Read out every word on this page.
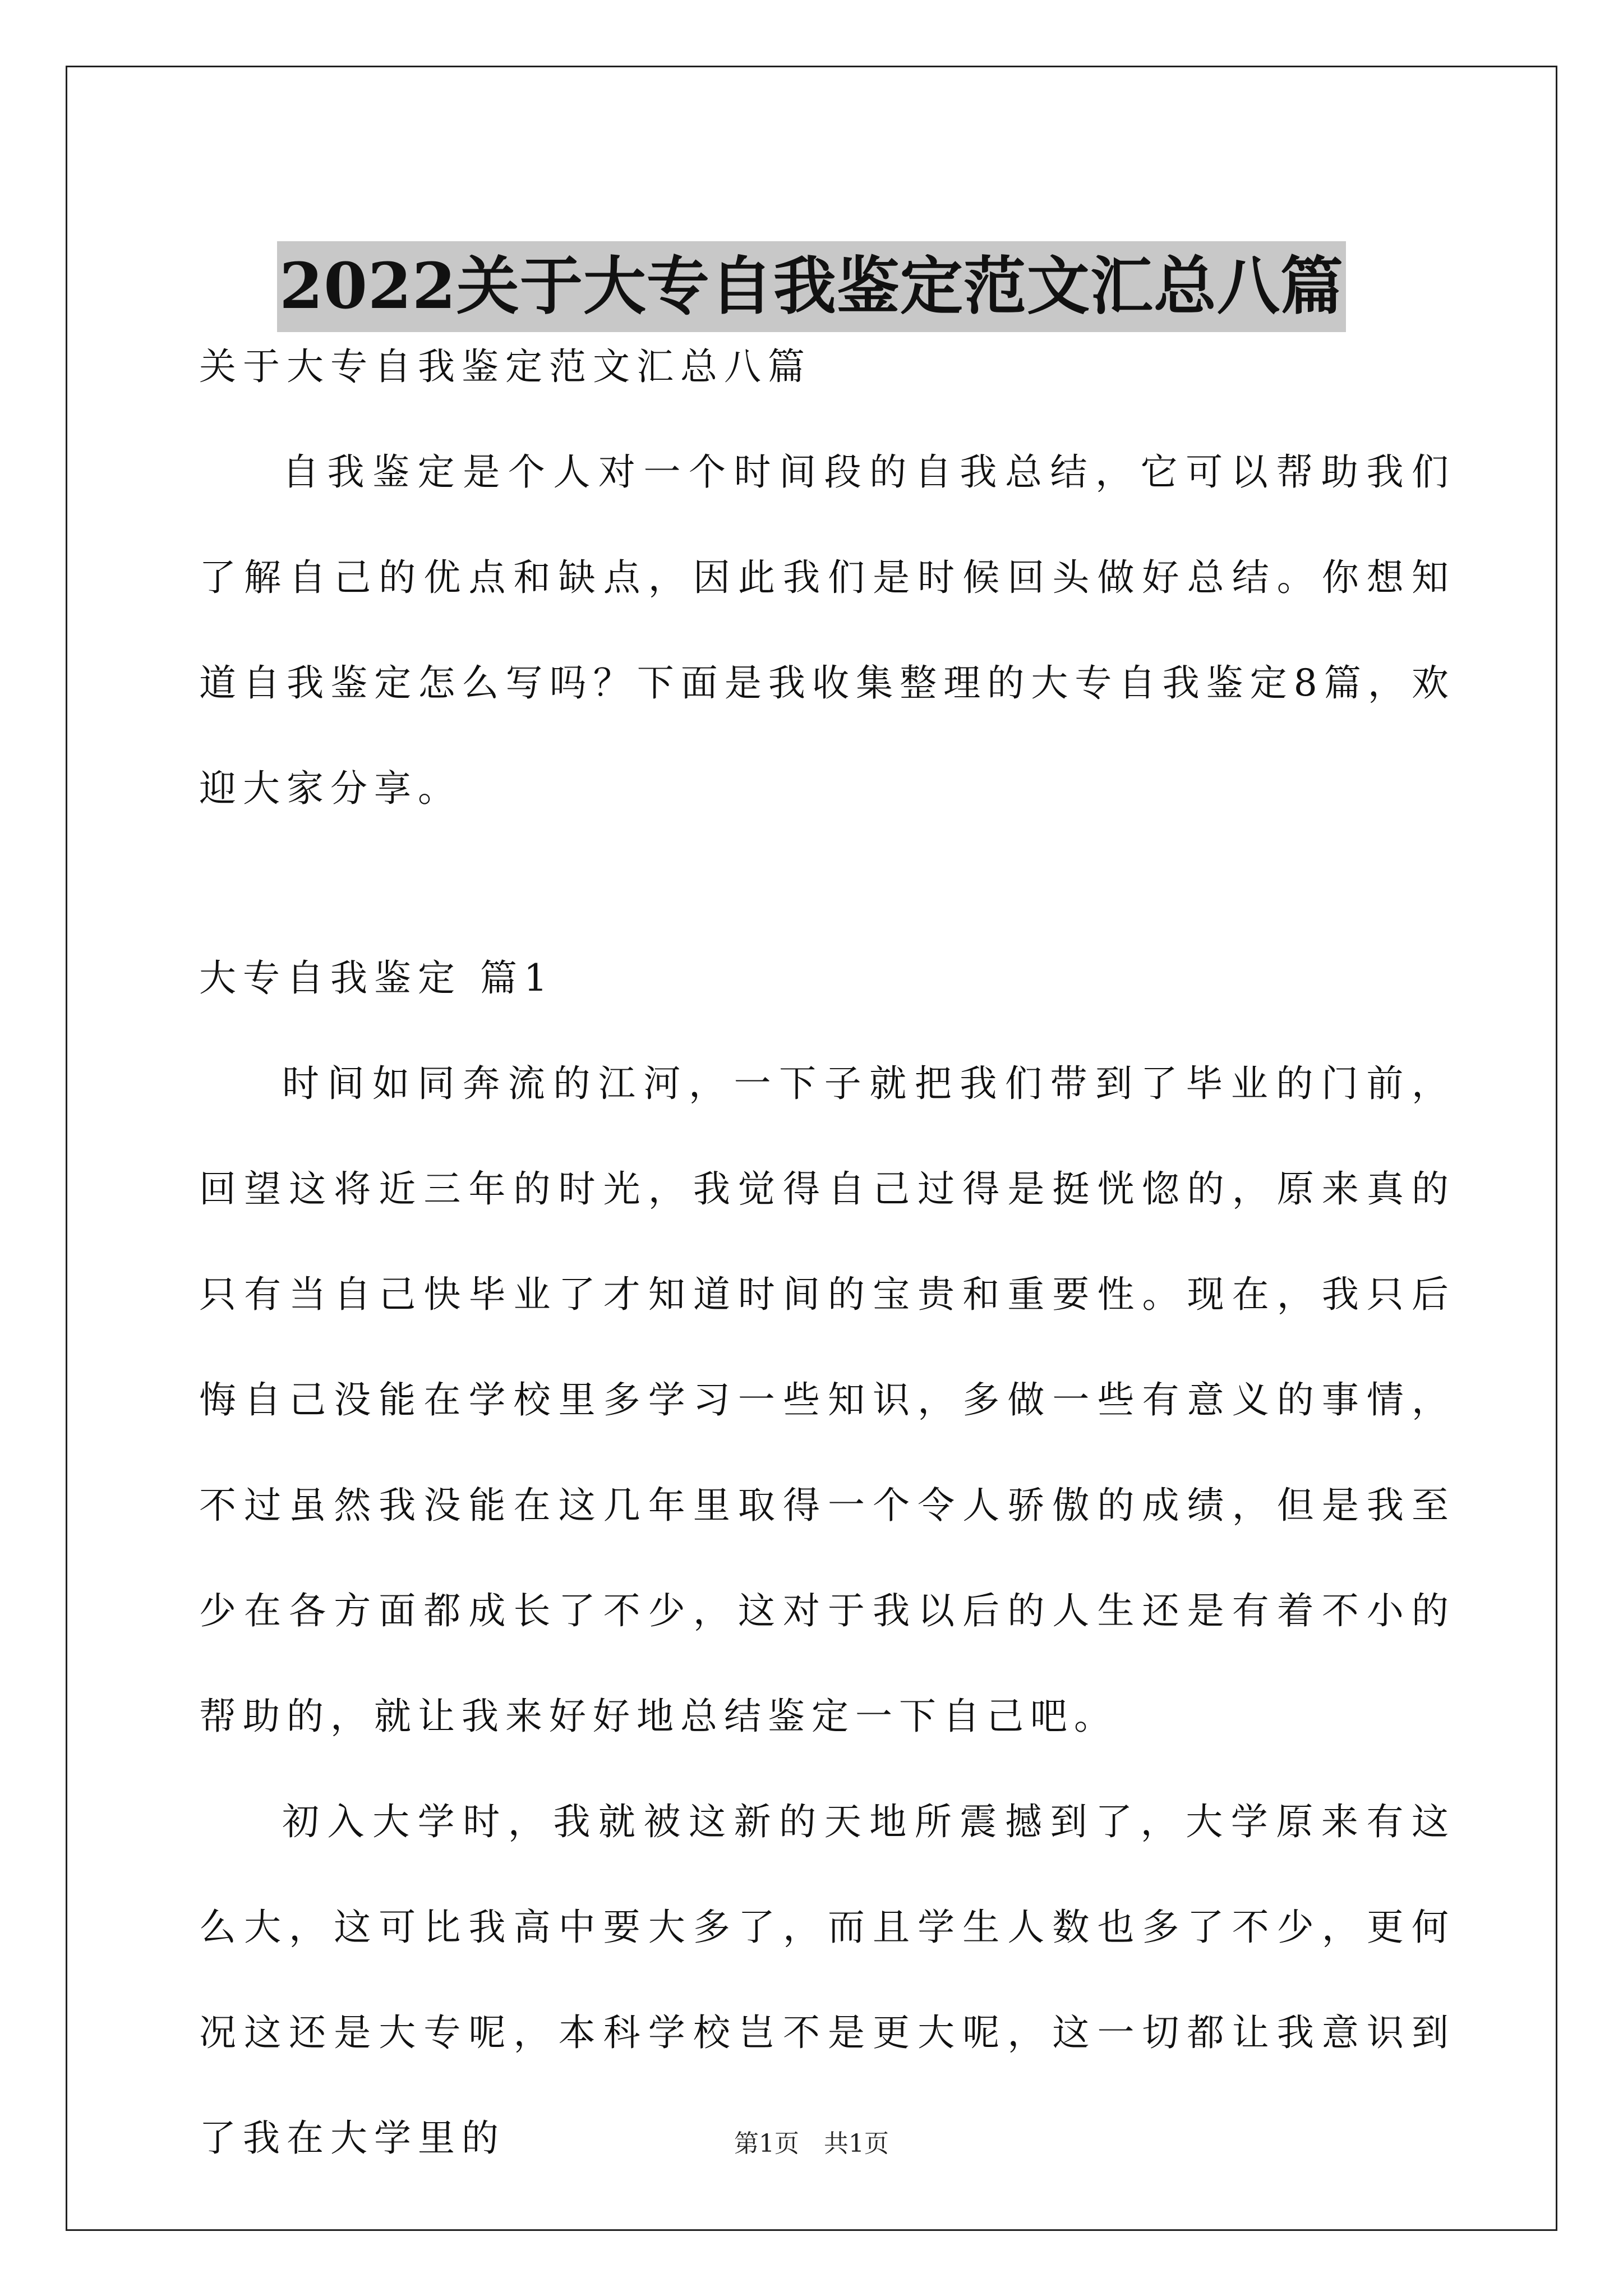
2022关于大专自我鉴定范文汇总八篇

关于大专自我鉴定范文汇总八篇

自我鉴定是个人对一个时间段的自我总结，它可以帮助我们了解自己的优点和缺点，因此我们是时候回头做好总结。你想知道自我鉴定怎么写吗？下面是我收集整理的大专自我鉴定8篇，欢迎大家分享。

大专自我鉴定 篇1

时间如同奔流的江河，一下子就把我们带到了毕业的门前，回望这将近三年的时光，我觉得自己过得是挺恍惚的，原来真的只有当自己快毕业了才知道时间的宝贵和重要性。现在，我只后悔自己没能在学校里多学习一些知识，多做一些有意义的事情，不过虽然我没能在这几年里取得一个令人骄傲的成绩，但是我至少在各方面都成长了不少，这对于我以后的人生还是有着不小的帮助的，就让我来好好地总结鉴定一下自己吧。

初入大学时，我就被这新的天地所震撼到了，大学原来有这么大，这可比我高中要大多了，而且学生人数也多了不少，更何况这还是大专呢，本科学校岂不是更大呢，这一切都让我意识到了我在大学里的	第1页　共1页
